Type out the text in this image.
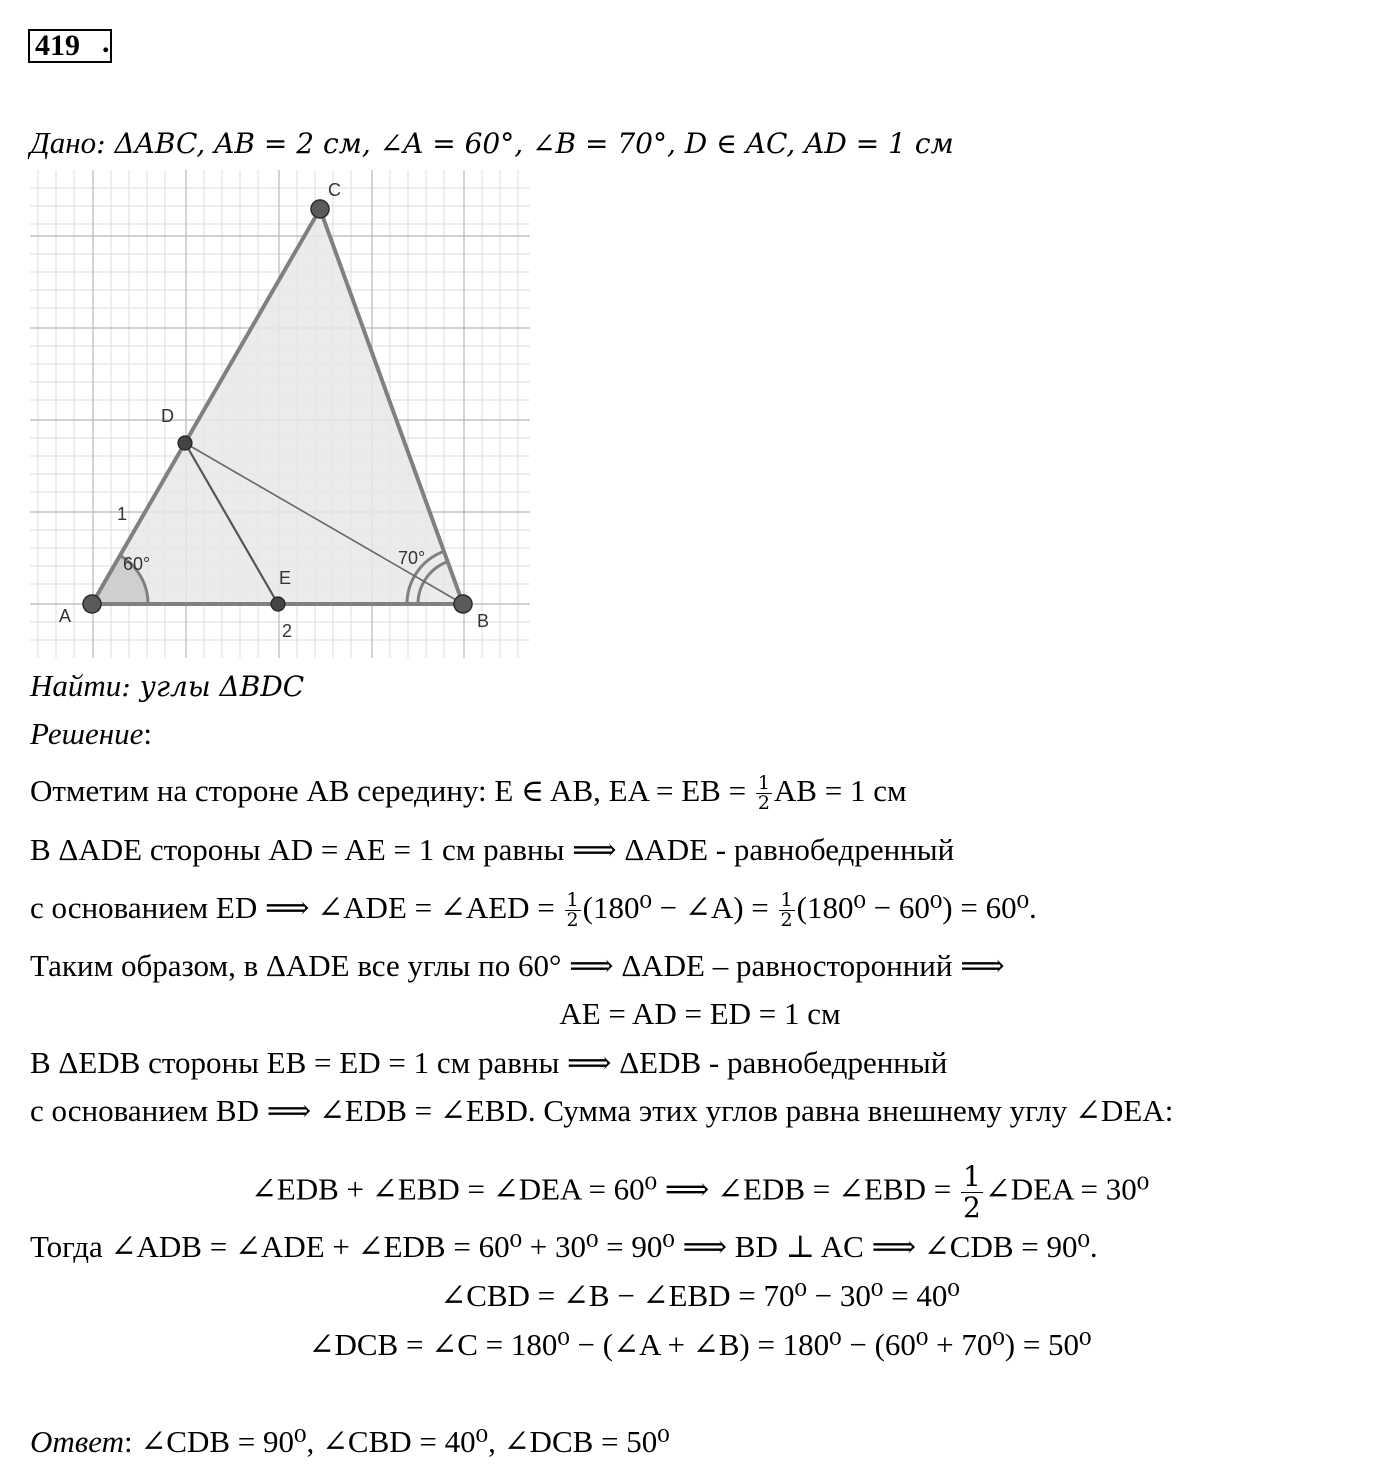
419 .
Дано: ΔABC, AB = 2 см, ∠A = 60°, ∠B = 70°, D ∈ AC, AD = 1 см
A	B
C
D
E
1
2
60°	70°
Найти: углы ΔBDC
Решение:
Отметим на стороне AB середину: E ∈ AB, EA = EB = $\frac{1}{2}$ AB = 1 см
В ΔADE стороны AD = AE = 1 см равны ⟹ ΔADE - равнобедренный
с основанием ED ⟹ ∠ADE = ∠AED = $\frac{1}{2} (180^0$ − ∠A) = $\frac{1}{2} (180^0 - 60^0) = 60^0$.
Таким образом, в ΔADE все углы по 60° ⟹ ΔADE – равносторонний ⟹
AE = AD = ED = 1 см
В ΔEDB стороны EB = ED = 1 см равны ⟹ ΔEDB - равнобедренный
с основанием BD ⟹ ∠EDB = ∠EBD. Сумма этих углов равна внешнему углу ∠DEA:
∠EDB + ∠EBD = ∠DEA = 60⁰ ⟹ ∠EDB = ∠EBD = $\frac{1}{2}$ ∠DEA = 30⁰
Тогда ∠ADB = ∠ADE + ∠EDB = 60⁰ + 30⁰ = 90⁰ ⟹ BD ⊥ AC ⟹ ∠CDB = 90⁰.
∠CBD = ∠B − ∠EBD = 70⁰ − 30⁰ = 40⁰
∠DCB = ∠C = 180⁰ − (∠A + ∠B) = 180⁰ − (60⁰ + 70⁰) = 50⁰
Ответ: ∠CDB = 90⁰, ∠CBD = 40⁰, ∠DCB = 50⁰
